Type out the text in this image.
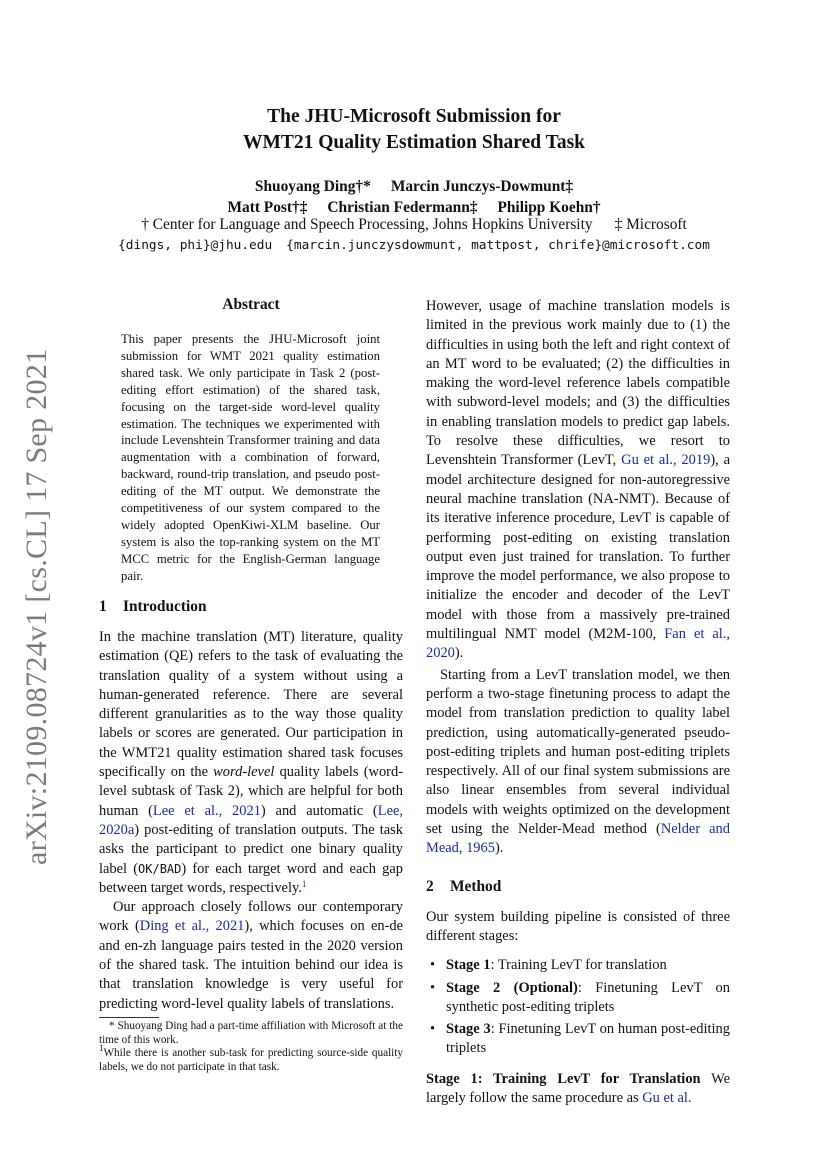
arXiv:2109.08724v1 [cs.CL] 17 Sep 2021
The JHU-Microsoft Submission for
WMT21 Quality Estimation Shared Task
Shuoyang Ding†* Marcin Junczys-Dowmunt‡
Matt Post†‡ Christian Federmann‡ Philipp Koehn†
† Center for Language and Speech Processing, Johns Hopkins University ‡ Microsoft
{dings, phi}@jhu.edu {marcin.junczysdowmunt, mattpost, chrife}@microsoft.com
Abstract

This paper presents the JHU-Microsoft joint submission for WMT 2021 quality estimation shared task. We only participate in Task 2 (post-editing effort estimation) of the shared task, focusing on the target-side word-level quality estimation. The techniques we experimented with include Levenshtein Transformer training and data augmentation with a combination of forward, backward, round-trip translation, and pseudo post-editing of the MT output. We demonstrate the competitiveness of our system compared to the widely adopted OpenKiwi-XLM baseline. Our system is also the top-ranking system on the MT MCC metric for the English-German language pair.

1 Introduction

In the machine translation (MT) literature, quality estimation (QE) refers to the task of evaluating the translation quality of a system without using a human-generated reference. There are several different granularities as to the way those quality labels or scores are generated. Our participation in the WMT21 quality estimation shared task focuses specifically on the word-level quality labels (word-level subtask of Task 2), which are helpful for both human (Lee et al., 2021) and automatic (Lee, 2020a) post-editing of translation outputs. The task asks the participant to predict one binary quality label (OK/BAD) for each target word and each gap between target words, respectively.$^1$

Our approach closely follows our contemporary work (Ding et al., 2021), which focuses on en-de and en-zh language pairs tested in the 2020 version of the shared task. The intuition behind our idea is that translation knowledge is very useful for predicting word-level quality labels of translations.

* Shuoyang Ding had a part-time affiliation with Microsoft at the time of this work.

$^1$While there is another sub-task for predicting source-side quality labels, we do not participate in that task.

However, usage of machine translation models is limited in the previous work mainly due to (1) the difficulties in using both the left and right context of an MT word to be evaluated; (2) the difficulties in making the word-level reference labels compatible with subword-level models; and (3) the difficulties in enabling translation models to predict gap labels. To resolve these difficulties, we resort to Levenshtein Transformer (LevT, Gu et al., 2019), a model architecture designed for non-autoregressive neural machine translation (NA-NMT). Because of its iterative inference procedure, LevT is capable of performing post-editing on existing translation output even just trained for translation. To further improve the model performance, we also propose to initialize the encoder and decoder of the LevT model with those from a massively pre-trained multilingual NMT model (M2M-100, Fan et al., 2020).

Starting from a LevT translation model, we then perform a two-stage finetuning process to adapt the model from translation prediction to quality label prediction, using automatically-generated pseudo-post-editing triplets and human post-editing triplets respectively. All of our final system submissions are also linear ensembles from several individual models with weights optimized on the development set using the Nelder-Mead method (Nelder and Mead, 1965).

2 Method

Our system building pipeline is consisted of three different stages:

• Stage 1: Training LevT for translation
• Stage 2 (Optional): Finetuning LevT on synthetic post-editing triplets
• Stage 3: Finetuning LevT on human post-editing triplets

Stage 1: Training LevT for Translation We largely follow the same procedure as Gu et al.
